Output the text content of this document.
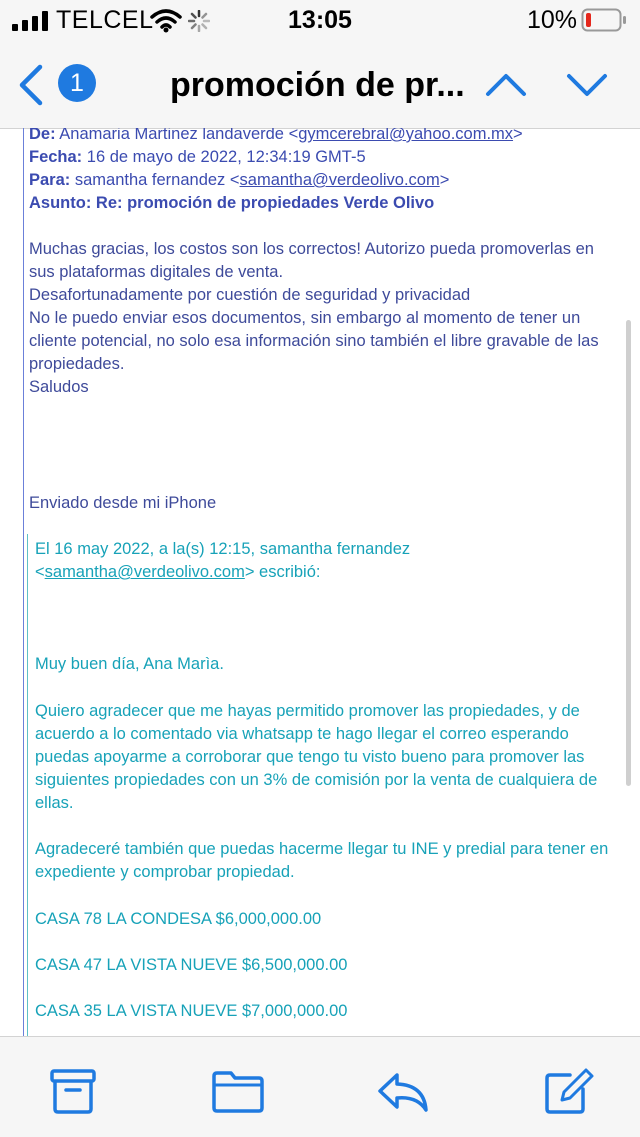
TELCEL	13:05	10%
1	promoción de pr...
De: Anamaria Martinez landaverde <gymcerebral@yahoo.com.mx>
Fecha: 16 de mayo de 2022, 12:34:19 GMT-5
Para: samantha fernandez <samantha@verdeolivo.com>
Asunto: Re: promoción de propiedades Verde Olivo
Muchas gracias, los costos son los correctos! Autorizo pueda promoverlas en
sus plataformas digitales de venta.
Desafortunadamente por cuestión de seguridad y privacidad
No le puedo enviar esos documentos, sin embargo al momento de tener un
cliente potencial, no solo esa información sino también el libre gravable de las
propiedades.
Saludos
Enviado desde mi iPhone
El 16 may 2022, a la(s) 12:15, samantha fernandez
<samantha@verdeolivo.com> escribió:
Muy buen día, Ana Marìa.
Quiero agradecer que me hayas permitido promover las propiedades, y de
acuerdo a lo comentado via whatsapp te hago llegar el correo esperando
puedas apoyarme a corroborar que tengo tu visto bueno para promover las
siguientes propiedades con un 3% de comisión por la venta de cualquiera de
ellas.
Agradeceré también que puedas hacerme llegar tu INE y predial para tener en
expediente y comprobar propiedad.
CASA 78 LA CONDESA $6,000,000.00
CASA 47 LA VISTA NUEVE $6,500,000.00
CASA 35 LA VISTA NUEVE $7,000,000.00
